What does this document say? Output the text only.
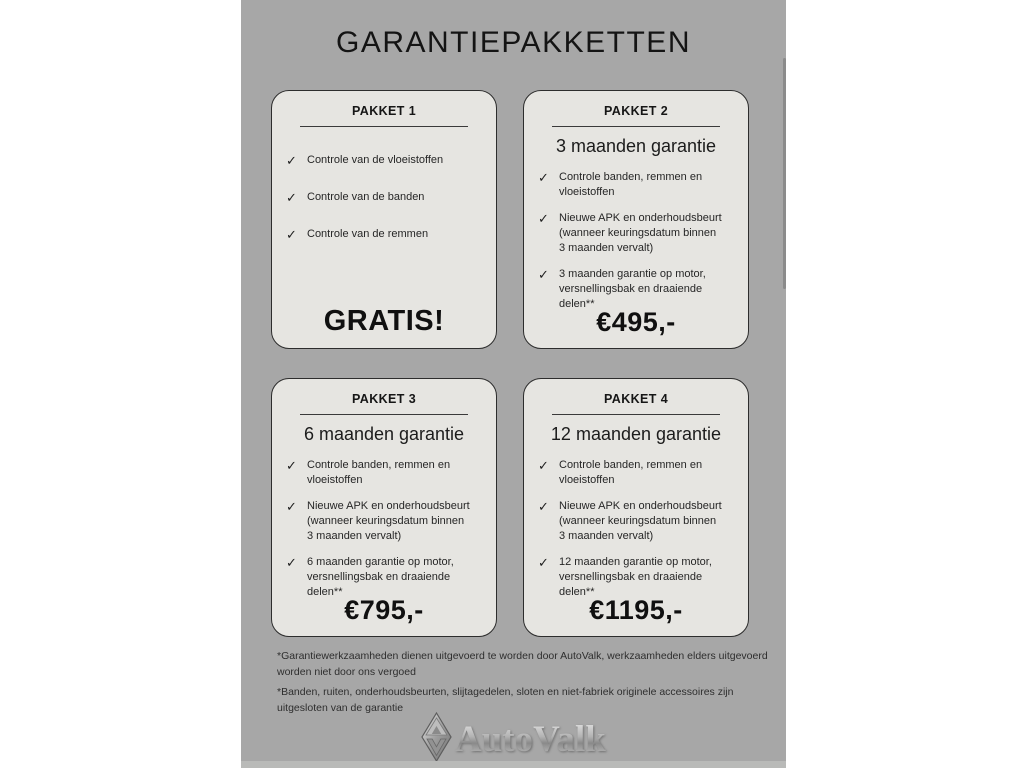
GARANTIEPAKKETTEN
PAKKET 1
✓ Controle van de vloeistoffen
✓ Controle van de banden
✓ Controle van de remmen
GRATIS!
PAKKET 2
3 maanden garantie
✓ Controle banden, remmen en vloeistoffen
✓ Nieuwe APK en onderhoudsbeurt (wanneer keuringsdatum binnen 3 maanden vervalt)
✓ 3 maanden garantie op motor, versnellingsbak en draaiende delen**
€495,-
PAKKET 3
6 maanden garantie
✓ Controle banden, remmen en vloeistoffen
✓ Nieuwe APK en onderhoudsbeurt (wanneer keuringsdatum binnen 3 maanden vervalt)
✓ 6 maanden garantie op motor, versnellingsbak en draaiende delen**
€795,-
PAKKET 4
12 maanden garantie
✓ Controle banden, remmen en vloeistoffen
✓ Nieuwe APK en onderhoudsbeurt (wanneer keuringsdatum binnen 3 maanden vervalt)
✓ 12 maanden garantie op motor, versnellingsbak en draaiende delen**
€1195,-
*Garantiewerkzaamheden dienen uitgevoerd te worden door AutoValk, werkzaamheden elders uitgevoerd worden niet door ons vergoed
*Banden, ruiten, onderhoudsbeurten, slijtagedelen, sloten en niet-fabriek originele accessoires zijn uitgesloten van de garantie
AutoValk
